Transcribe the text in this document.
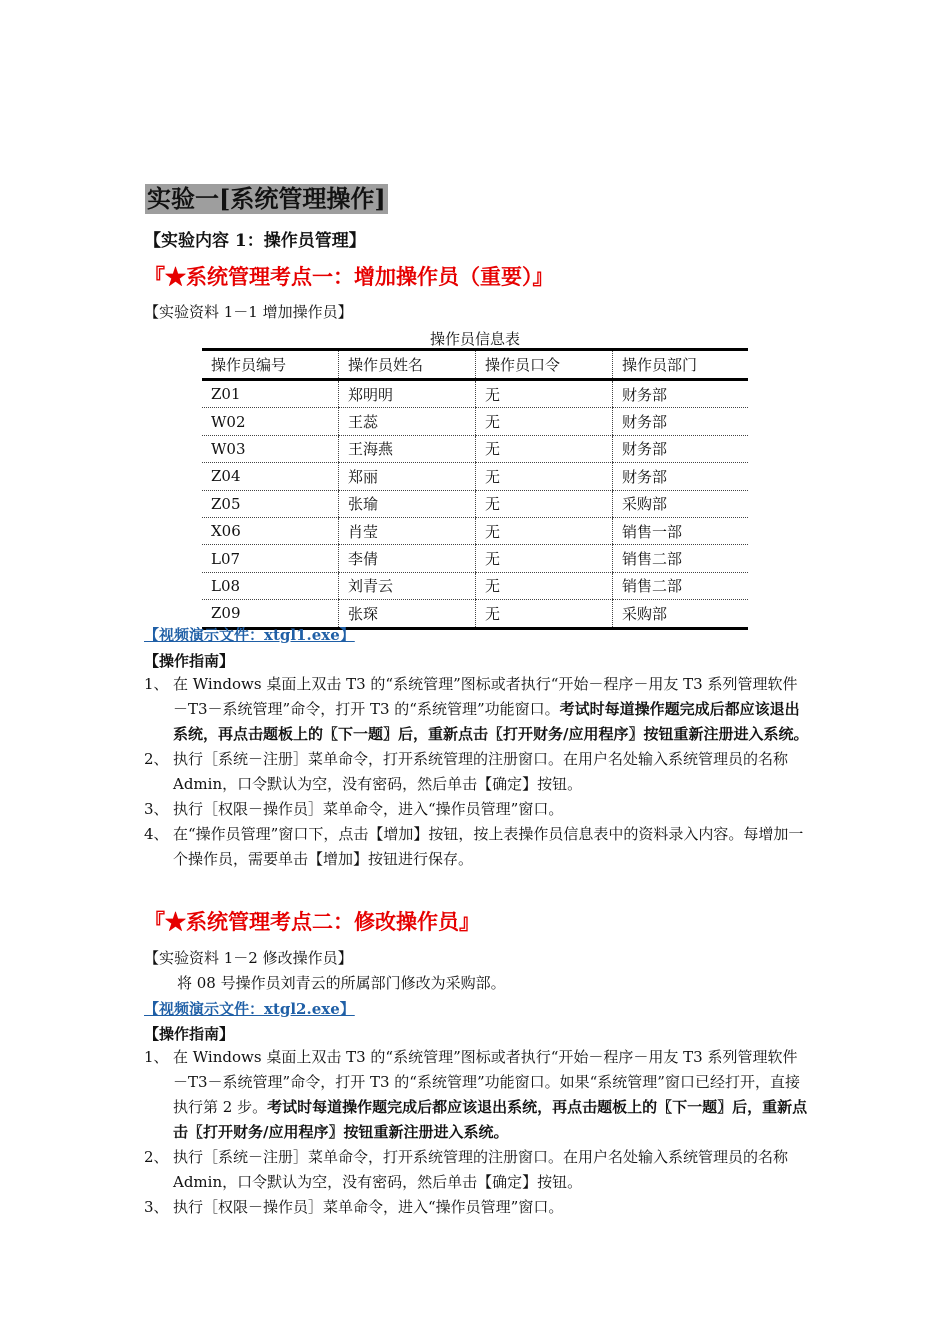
实验一[系统管理操作]
【实验内容 1：操作员管理】
『★系统管理考点一：增加操作员（重要）』
【实验资料 1－1 增加操作员】
操作员信息表
操作员编号	操作员姓名	操作员口令	操作员部门
Z01	郑明明	无	财务部
W02	王蕊	无	财务部
W03	王海燕	无	财务部
Z04	郑丽	无	财务部
Z05	张瑜	无	采购部
X06	肖莹	无	销售一部
L07	李倩	无	销售二部
L08	刘青云	无	销售二部
Z09	张琛	无	采购部
【视频演示文件：xtgl1.exe】
【操作指南】
1、 在 Windows 桌面上双击 T3 的“系统管理”图标或者执行“开始－程序－用友 T3 系列管理软件－T3－系统管理”命令，打开 T3 的“系统管理”功能窗口。考试时每道操作题完成后都应该退出系统，再点击题板上的〖下一题〗后，重新点击〖打开财务/应用程序〗按钮重新注册进入系统。
2、 执行［系统－注册］菜单命令，打开系统管理的注册窗口。在用户名处输入系统管理员的名称 Admin，口令默认为空，没有密码，然后单击【确定】按钮。
3、 执行［权限－操作员］菜单命令，进入“操作员管理”窗口。
4、 在“操作员管理”窗口下，点击【增加】按钮，按上表操作员信息表中的资料录入内容。每增加一个操作员，需要单击【增加】按钮进行保存。
『★系统管理考点二：修改操作员』
【实验资料 1－2 修改操作员】
将 08 号操作员刘青云的所属部门修改为采购部。
【视频演示文件：xtgl2.exe】
【操作指南】
1、 在 Windows 桌面上双击 T3 的“系统管理”图标或者执行“开始－程序－用友 T3 系列管理软件－T3－系统管理”命令，打开 T3 的“系统管理”功能窗口。如果“系统管理”窗口已经打开，直接执行第 2 步。考试时每道操作题完成后都应该退出系统，再点击题板上的〖下一题〗后，重新点击〖打开财务/应用程序〗按钮重新注册进入系统。
2、 执行［系统－注册］菜单命令，打开系统管理的注册窗口。在用户名处输入系统管理员的名称 Admin，口令默认为空，没有密码，然后单击【确定】按钮。
3、 执行［权限－操作员］菜单命令，进入“操作员管理”窗口。
